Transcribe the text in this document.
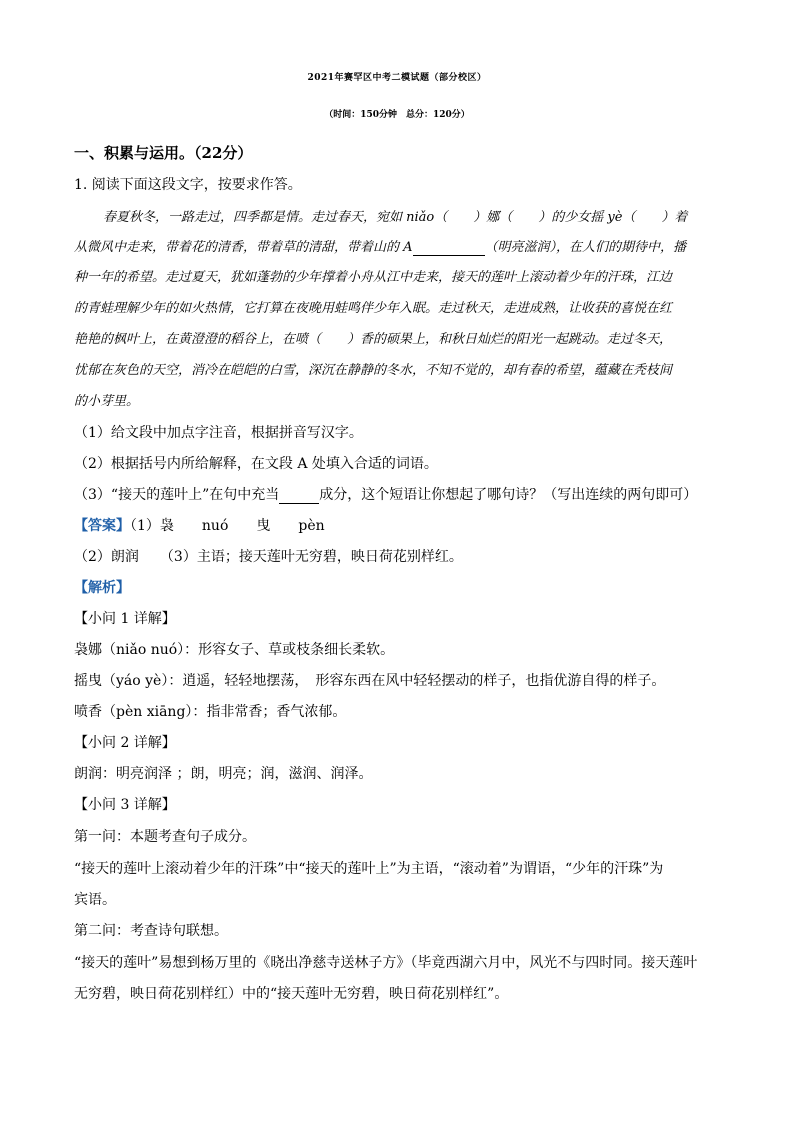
2021年赛罕区中考二模试题（部分校区）
（时间：150分钟　总分：120分）
一、积累与运用。（22分）
1. 阅读下面这段文字，按要求作答。
春夏秋冬，一路走过，四季都是情。走过春天，宛如 niǎo（　　）娜（　　）的少女摇 yè（　　）着
从微风中走来，带着花的清香，带着草的清甜，带着山的 A	（明亮滋润），在人们的期待中，播
种一年的希望。走过夏天，犹如蓬勃的少年撑着小舟从江中走来，接天的莲叶上滚动着少年的汗珠，江边
的青蛙理解少年的如火热情，它打算在夜晚用蛙鸣伴少年入眠。走过秋天，走进成熟，让收获的喜悦在红
艳艳的枫叶上，在黄澄澄的稻谷上，在喷（　　）香的硕果上，和秋日灿烂的阳光一起跳动。走过冬天，
忧郁在灰色的天空，消冷在皑皑的白雪，深沉在静静的冬水，不知不觉的，却有春的希望，蕴藏在秃枝间
的小芽里。
（1）给文段中加点字注音，根据拼音写汉字。
（2）根据括号内所给解释，在文段 A 处填入合适的词语。
（3）“接天的莲叶上”在句中充当	成分，这个短语让你想起了哪句诗？（写出连续的两句即可）
【答案】（1）袅　　nuó　　曳　　pèn
（2）朗润　　（3）主语；接天莲叶无穷碧，映日荷花别样红。
【解析】
【小问 1 详解】
袅娜（niǎo nuó）：形容女子、草或枝条细长柔软。
摇曳（yáo yè）：逍遥，轻轻地摆荡，　形容东西在风中轻轻摆动的样子，也指优游自得的样子。
喷香（pèn xiāng）：指非常香；香气浓郁。
【小问 2 详解】
朗润：明亮润泽 ；朗，明亮；润，滋润、润泽。
【小问 3 详解】
第一问：本题考查句子成分。
“接天的莲叶上滚动着少年的汗珠”中“接天的莲叶上”为主语，“滚动着”为谓语，“少年的汗珠”为
宾语。
第二问：考查诗句联想。
“接天的莲叶”易想到杨万里的《晓出净慈寺送林子方》（毕竟西湖六月中，风光不与四时同。接天莲叶
无穷碧，映日荷花别样红）中的“接天莲叶无穷碧，映日荷花别样红”。
